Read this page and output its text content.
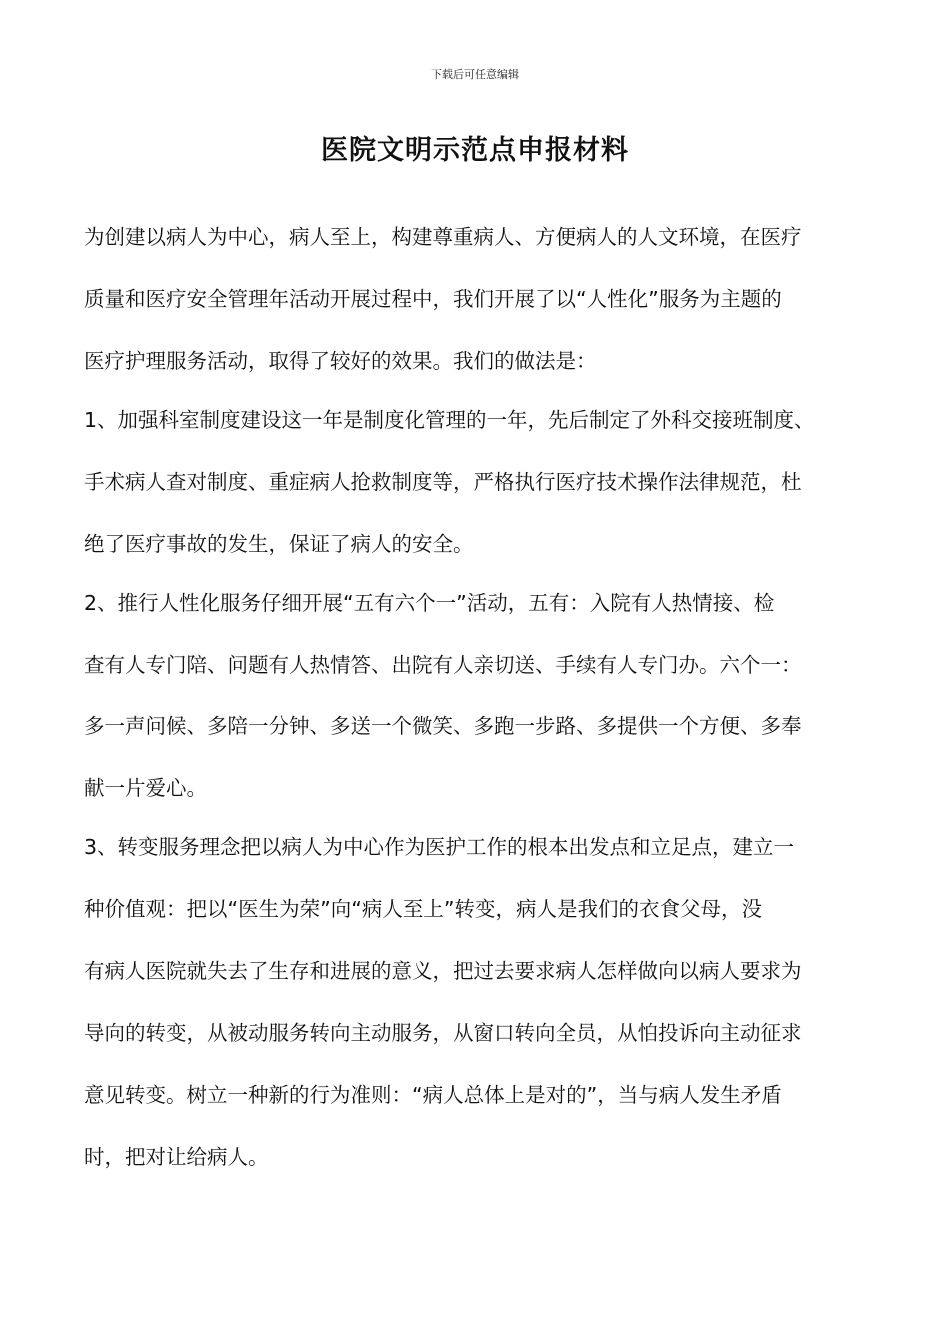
下载后可任意编辑

医院文明示范点申报材料

为创建以病人为中心，病人至上，构建尊重病人、方便病人的人文环境，在医疗

质量和医疗安全管理年活动开展过程中，我们开展了以“人性化”服务为主题的

医疗护理服务活动，取得了较好的效果。我们的做法是：

1、加强科室制度建设这一年是制度化管理的一年，先后制定了外科交接班制度、

手术病人查对制度、重症病人抢救制度等，严格执行医疗技术操作法律规范，杜

绝了医疗事故的发生，保证了病人的安全。

2、推行人性化服务仔细开展“五有六个一”活动，五有：入院有人热情接、检

查有人专门陪、问题有人热情答、出院有人亲切送、手续有人专门办。六个一：

多一声问候、多陪一分钟、多送一个微笑、多跑一步路、多提供一个方便、多奉

献一片爱心。

3、转变服务理念把以病人为中心作为医护工作的根本出发点和立足点，建立一

种价值观：把以“医生为荣”向“病人至上”转变，病人是我们的衣食父母，没

有病人医院就失去了生存和进展的意义，把过去要求病人怎样做向以病人要求为

导向的转变，从被动服务转向主动服务，从窗口转向全员，从怕投诉向主动征求

意见转变。树立一种新的行为准则：“病人总体上是对的”，当与病人发生矛盾

时，把对让给病人。
